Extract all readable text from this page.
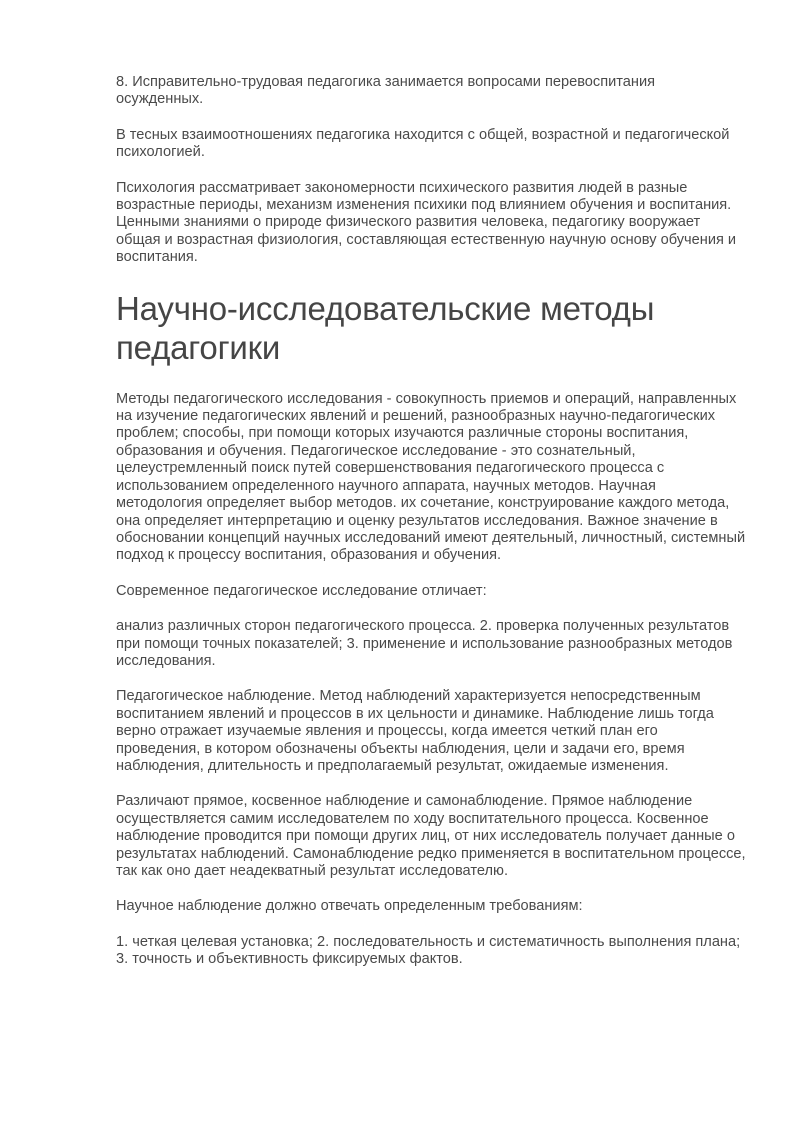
8. Исправительно-трудовая педагогика занимается вопросами перевоспитания осужденных.

В тесных взаимоотношениях педагогика находится с общей, возрастной и педагогической психологией.

Психология рассматривает закономерности психического развития людей в разные возрастные периоды, механизм изменения психики под влиянием обучения и воспитания. Ценными знаниями о природе физического развития человека, педагогику вооружает общая и возрастная физиология, составляющая естественную научную основу обучения и воспитания.

Научно-исследовательские методы педагогики

Методы педагогического исследования - совокупность приемов и операций, направленных на изучение педагогических явлений и решений, разнообразных научно-педагогических проблем; способы, при помощи которых изучаются различные стороны воспитания, образования и обучения. Педагогическое исследование - это сознательный, целеустремленный поиск путей совершенствования педагогического процесса с использованием определенного научного аппарата, научных методов. Научная методология определяет выбор методов. их сочетание, конструирование каждого метода, она определяет интерпретацию и оценку результатов исследования. Важное значение в обосновании концепций научных исследований имеют деятельный, личностный, системный подход к процессу воспитания, образования и обучения.

Современное педагогическое исследование отличает:

анализ различных сторон педагогического процесса. 2. проверка полученных результатов при помощи точных показателей; 3. применение и использование разнообразных методов исследования.

Педагогическое наблюдение. Метод наблюдений характеризуется непосредственным воспитанием явлений и процессов в их цельности и динамике. Наблюдение лишь тогда верно отражает изучаемые явления и процессы, когда имеется четкий план его проведения, в котором обозначены объекты наблюдения, цели и задачи его, время наблюдения, длительность и предполагаемый результат, ожидаемые изменения.

Различают прямое, косвенное наблюдение и самонаблюдение. Прямое наблюдение осуществляется самим исследователем по ходу воспитательного процесса. Косвенное наблюдение проводится при помощи других лиц, от них исследователь получает данные о результатах наблюдений. Самонаблюдение редко применяется в воспитательном процессе, так как оно дает неадекватный результат исследователю.

Научное наблюдение должно отвечать определенным требованиям:

1. четкая целевая установка; 2. последовательность и систематичность выполнения плана; 3. точность и объективность фиксируемых фактов.
